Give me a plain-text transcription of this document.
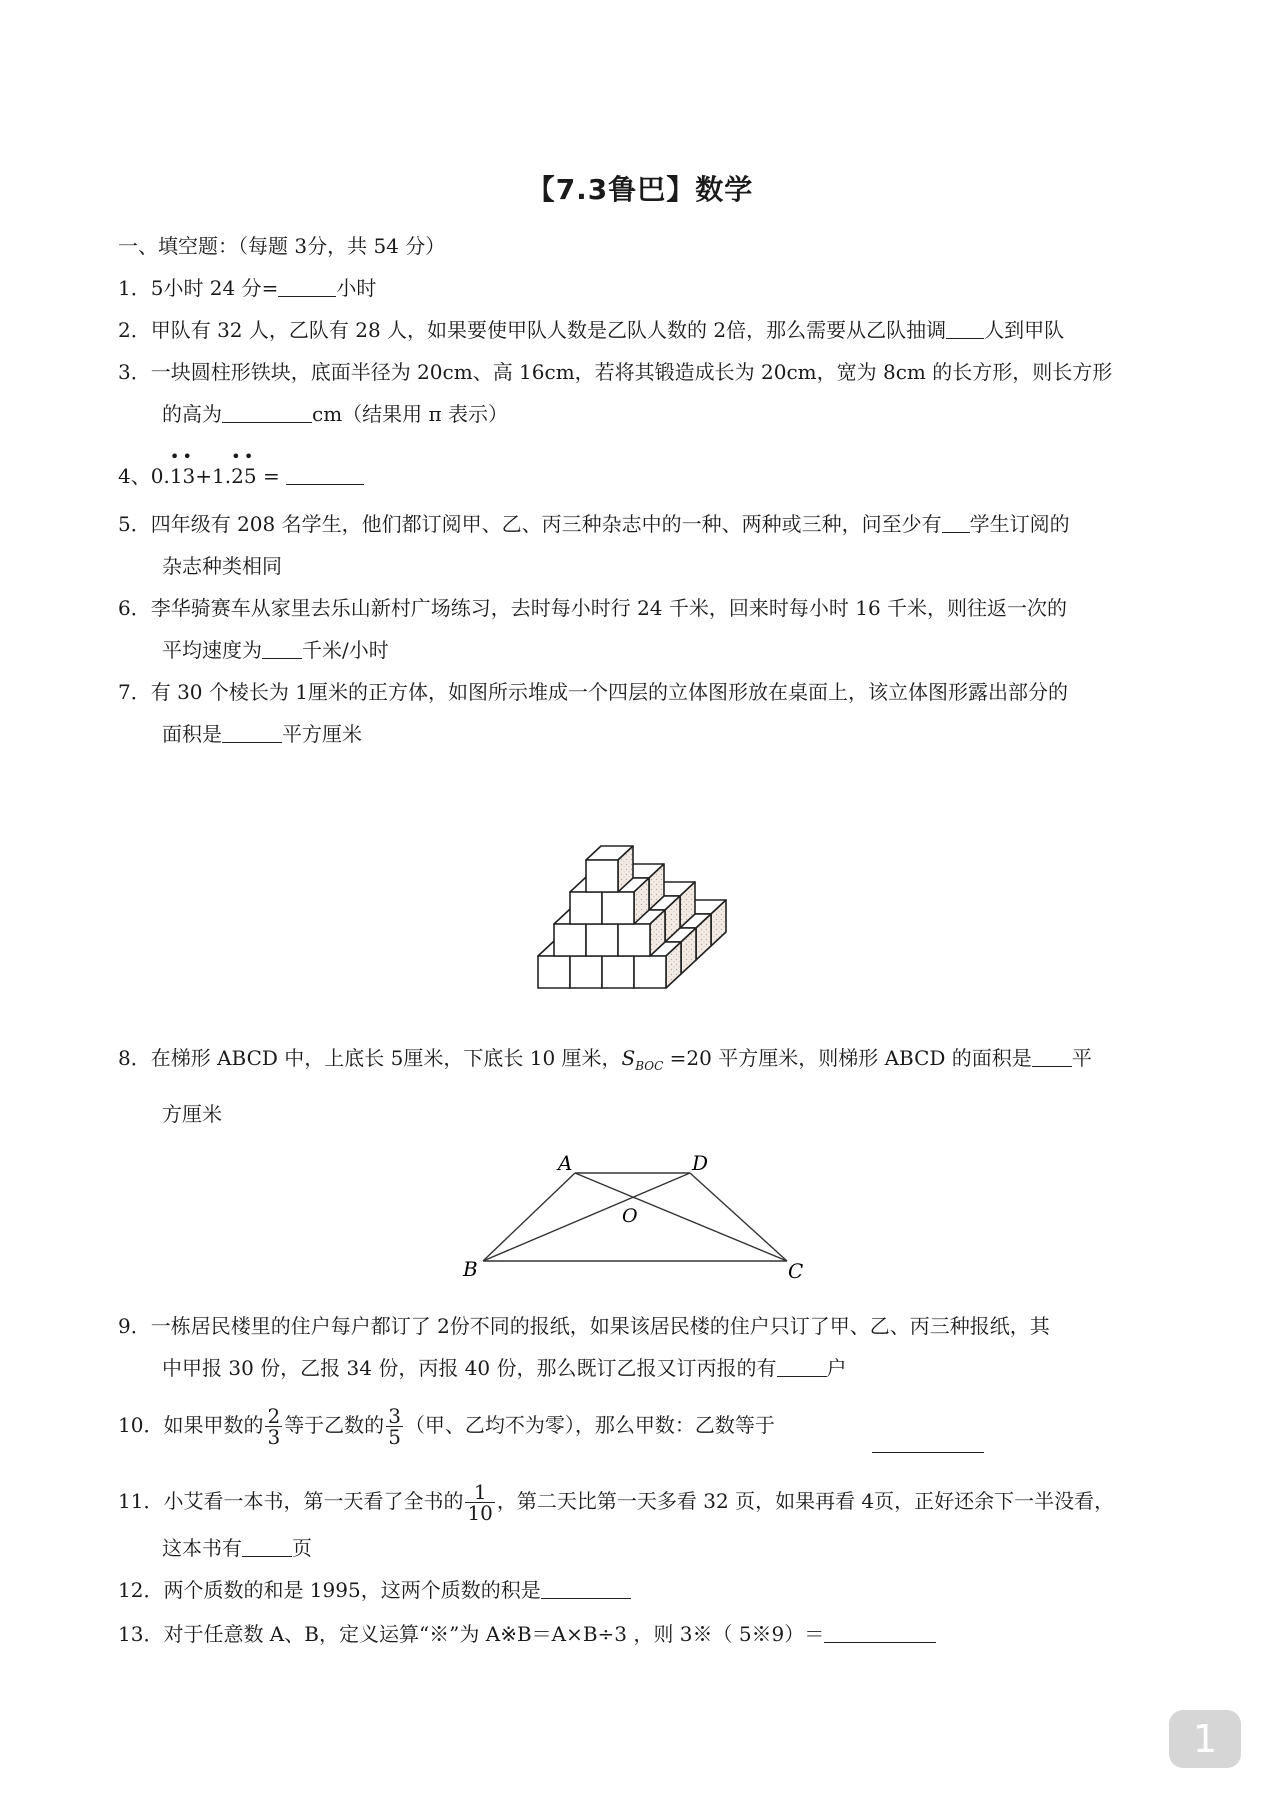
【7.3鲁巴】数学
一、填空题：（每题 3分，共 54 分）
1．5小时 24 分=	小时
2．甲队有 32 人，乙队有 28 人，如果要使甲队人数是乙队人数的 2倍，那么需要从乙队抽调 人到甲队
3．一块圆柱形铁块，底面半径为 20cm、高 16cm，若将其锻造成长为 20cm，宽为 8cm 的长方形，则长方形
的高为	cm（结果用 π 表示）
4、0.
•
1
•
3+1.
•
2
•
5 =
5．四年级有 208 名学生，他们都订阅甲、乙、丙三种杂志中的一种、两种或三种，问至少有 学生订阅的
杂志种类相同
6．李华骑赛车从家里去乐山新村广场练习，去时每小时行 24 千米，回来时每小时 16 千米，则往返一次的
平均速度为 千米/小时
7．有 30 个棱长为 1厘米的正方体，如图所示堆成一个四层的立体图形放在桌面上，该立体图形露出部分的
面积是	平方厘米
8．在梯形 ABCD 中，上底长 5厘米，下底长 10 厘米，$S_{BOC} =20$ 平方厘米，则梯形 ABCD 的面积是 平
方厘米
A	D
O
B	C
9．一栋居民楼里的住户每户都订了 2份不同的报纸，如果该居民楼的住户只订了甲、乙、丙三种报纸，其
中甲报 30 份，乙报 34 份，丙报 40 份，那么既订乙报又订丙报的有	户
10．如果甲数的 $\frac{2}{3}$ 等于乙数的 $\frac{3}{5}$ （甲、乙均不为零），那么甲数：乙数等于
11．小艾看一本书，第一天看了全书的 $\frac{1}{10}$ ，第二天比第一天多看 32 页，如果再看 4页，正好还余下一半没看，
这本书有	页
12．两个质数的和是 1995，这两个质数的积是
13．对于任意数 A、B，定义运算“※”为 A※B＝A×B÷3 ，则 3※（ 5※9）＝
1
